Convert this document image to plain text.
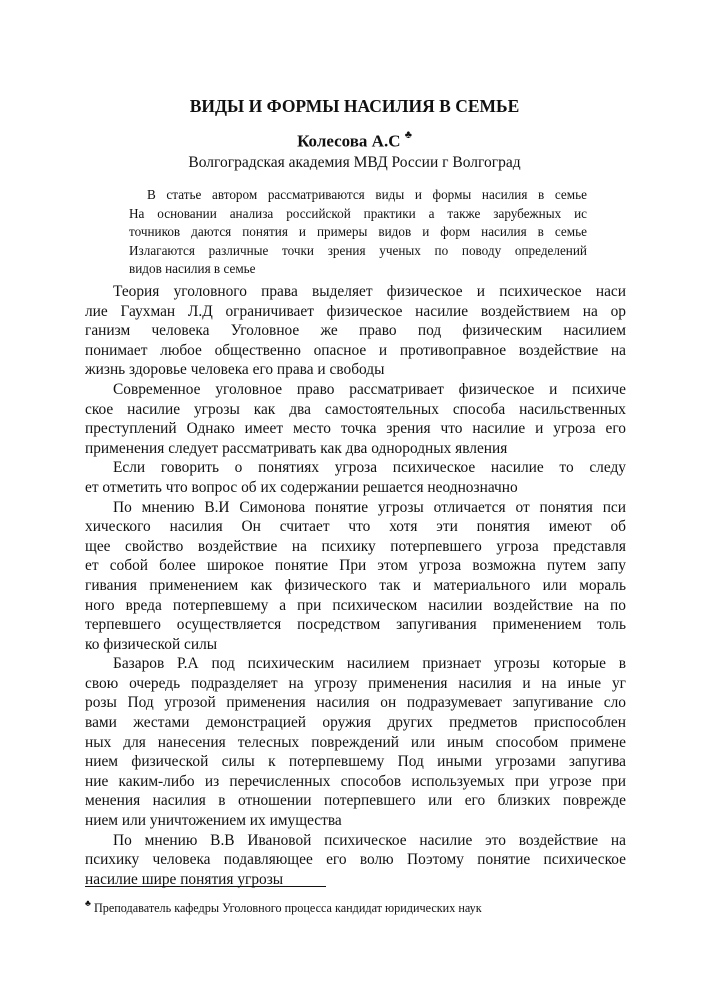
ВИДЫ И ФОРМЫ НАСИЛИЯ В СЕМЬЕ
Колесова А.С ♣
Волгоградская академия МВД России г Волгоград
В статье автором рассматриваются виды и формы насилия в семье
На основании анализа российской практики а также зарубежных ис
точников даются понятия и примеры видов и форм насилия в семье
Излагаются различные точки зрения ученых по поводу определений
видов насилия в семье
Теория уголовного права выделяет физическое и психическое наси
лие Гаухман Л.Д ограничивает физическое насилие воздействием на ор
ганизм человека Уголовное же право под физическим насилием
понимает любое общественно опасное и противоправное воздействие на
жизнь здоровье человека его права и свободы
Современное уголовное право рассматривает физическое и психиче
ское насилие угрозы как два самостоятельных способа насильственных
преступлений Однако имеет место точка зрения что насилие и угроза его
применения следует рассматривать как два однородных явления
Если говорить о понятиях угроза психическое насилие то следу
ет отметить что вопрос об их содержании решается неоднозначно
По мнению В.И Симонова понятие угрозы отличается от понятия пси
хического насилия Он считает что хотя эти понятия имеют об
щее свойство воздействие на психику потерпевшего угроза представля
ет собой более широкое понятие При этом угроза возможна путем запу
гивания применением как физического так и материального или мораль
ного вреда потерпевшему а при психическом насилии воздействие на по
терпевшего осуществляется посредством запугивания применением толь
ко физической силы
Базаров Р.А под психическим насилием признает угрозы которые в
свою очередь подразделяет на угрозу применения насилия и на иные уг
розы Под угрозой применения насилия он подразумевает запугивание сло
вами жестами демонстрацией оружия других предметов приспособлен
ных для нанесения телесных повреждений или иным способом примене
нием физической силы к потерпевшему Под иными угрозами запугива
ние каким-либо из перечисленных способов используемых при угрозе при
менения насилия в отношении потерпевшего или его близких поврежде
нием или уничтожением их имущества
По мнению В.В Ивановой психическое насилие это воздействие на
психику человека подавляющее его волю Поэтому понятие психическое
насилие шире понятия угрозы
♣ Преподаватель кафедры Уголовного процесса кандидат юридических наук
